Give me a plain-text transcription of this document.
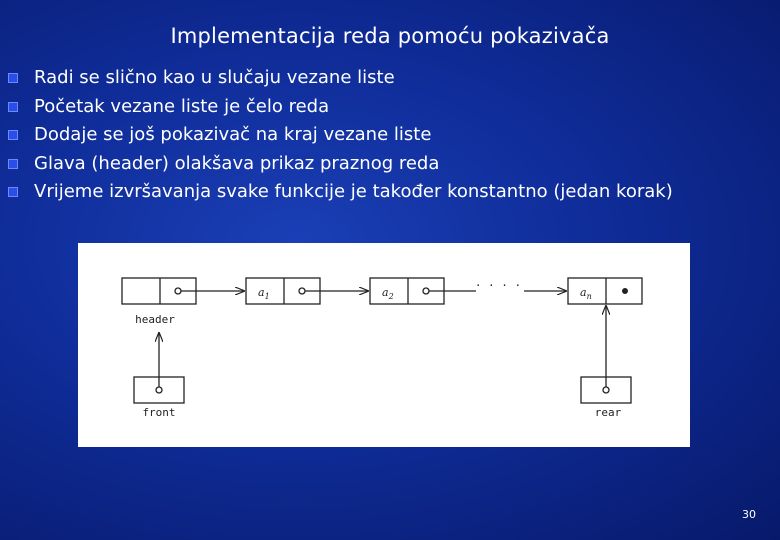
Implementacija reda pomoću pokazivača
Radi se slično kao u slučaju vezane liste
Početak vezane liste je čelo reda
Dodaje se još pokazivač na kraj vezane liste
Glava (header) olakšava prikaz praznog reda
Vrijeme izvršavanja svake funkcije je također konstantno (jedan korak)
$a_1$	$a_2$	$a_n$
· · · ·
header
front	rear
30
